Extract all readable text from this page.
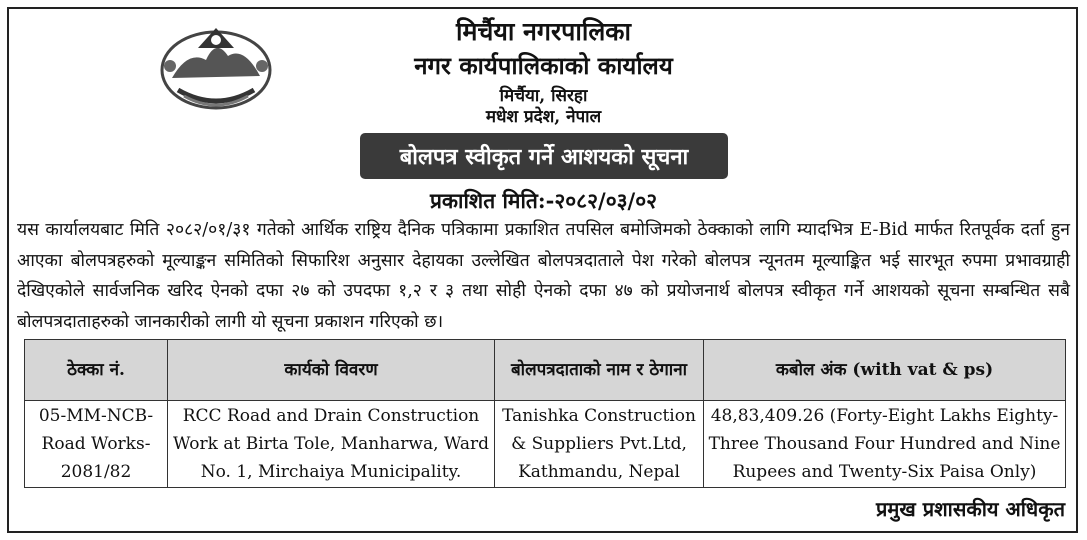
मिर्चैया नगरपालिका
नगर कार्यपालिकाको कार्यालय
मिर्चैया, सिरहा
मधेश प्रदेश, नेपाल
बोलपत्र स्वीकृत गर्ने आशयको सूचना
प्रकाशित मिति:-२०८२/०३/०२

यस कार्यालयबाट मिति २०८२/०१/३१ गतेको आर्थिक राष्ट्रिय दैनिक पत्रिकामा प्रकाशित तपसिल बमोजिमको ठेक्काको लागि म्यादभित्र E-Bid मार्फत रितपूर्वक दर्ता हुन आएका बोलपत्रहरुको मूल्याङ्कन समितिको सिफारिश अनुसार देहायका उल्लेखित बोलपत्रदाताले पेश गरेको बोलपत्र न्यूनतम मूल्याङ्कित भई सारभूत रुपमा प्रभावग्राही देखिएकोले सार्वजनिक खरिद ऐनको दफा २७ को उपदफा १,२ र ३ तथा सोही ऐनको दफा ४७ को प्रयोजनार्थ बोलपत्र स्वीकृत गर्ने आशयको सूचना सम्बन्धित सबै बोलपत्रदाताहरुको जानकारीको लागी यो सूचना प्रकाशन गरिएको छ।

ठेक्का नं.	कार्यको विवरण	बोलपत्रदाताको नाम र ठेगाना	कबोल अंक (with vat & ps)
05-MM-NCB-Road Works-2081/82	RCC Road and Drain Construction Work at Birta Tole, Manharwa, Ward No. 1, Mirchaiya Municipality.	Tanishka Construction & Suppliers Pvt.Ltd, Kathmandu, Nepal	48,83,409.26 (Forty-Eight Lakhs Eighty-Three Thousand Four Hundred and Nine Rupees and Twenty-Six Paisa Only)
प्रमुख प्रशासकीय अधिकृत
